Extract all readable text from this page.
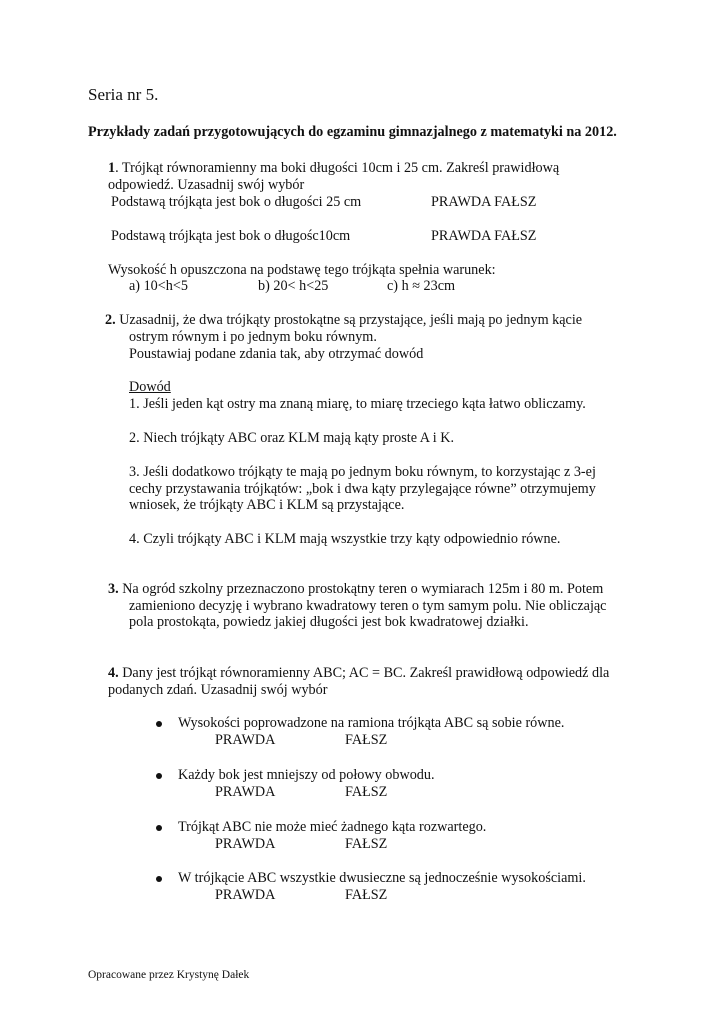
Seria nr 5.
Przykłady zadań przygotowujących do egzaminu gimnazjalnego z matematyki na 2012.
1. Trójkąt równoramienny ma boki długości 10cm i 25 cm. Zakreśl prawidłową
odpowiedź. Uzasadnij swój wybór
Podstawą trójkąta jest bok o długości 25 cm	PRAWDA FAŁSZ
Podstawą trójkąta jest bok o długośc10cm	PRAWDA FAŁSZ
Wysokość h opuszczona na podstawę tego trójkąta spełnia warunek:
a) 10<h<5	b) 20< h<25	c) h ≈ 23cm
2. Uzasadnij, że dwa trójkąty prostokątne są przystające, jeśli mają po jednym kącie
ostrym równym i po jednym boku równym.
Poustawiaj podane zdania tak, aby otrzymać dowód
Dowód
1. Jeśli jeden kąt ostry ma znaną miarę, to miarę trzeciego kąta łatwo obliczamy.
2. Niech trójkąty ABC oraz KLM mają kąty proste A i K.
3. Jeśli dodatkowo trójkąty te mają po jednym boku równym, to korzystając z 3-ej
cechy przystawania trójkątów: „bok i dwa kąty przylegające równe” otrzymujemy
wniosek, że trójkąty ABC i KLM są przystające.
4. Czyli trójkąty ABC i KLM mają wszystkie trzy kąty odpowiednio równe.
3. Na ogród szkolny przeznaczono prostokątny teren o wymiarach 125m i 80 m. Potem
zamieniono decyzję i wybrano kwadratowy teren o tym samym polu. Nie obliczając
pola prostokąta, powiedz jakiej długości jest bok kwadratowej działki.
4. Dany jest trójkąt równoramienny ABC; AC = BC. Zakreśl prawidłową odpowiedź dla
podanych zdań. Uzasadnij swój wybór
Wysokości poprowadzone na ramiona trójkąta ABC są sobie równe.
PRAWDA	FAŁSZ
Każdy bok jest mniejszy od połowy obwodu.
PRAWDA	FAŁSZ
Trójkąt ABC nie może mieć żadnego kąta rozwartego.
PRAWDA	FAŁSZ
W trójkącie ABC wszystkie dwusieczne są jednocześnie wysokościami.
PRAWDA	FAŁSZ
Opracowane przez Krystynę Dałek
